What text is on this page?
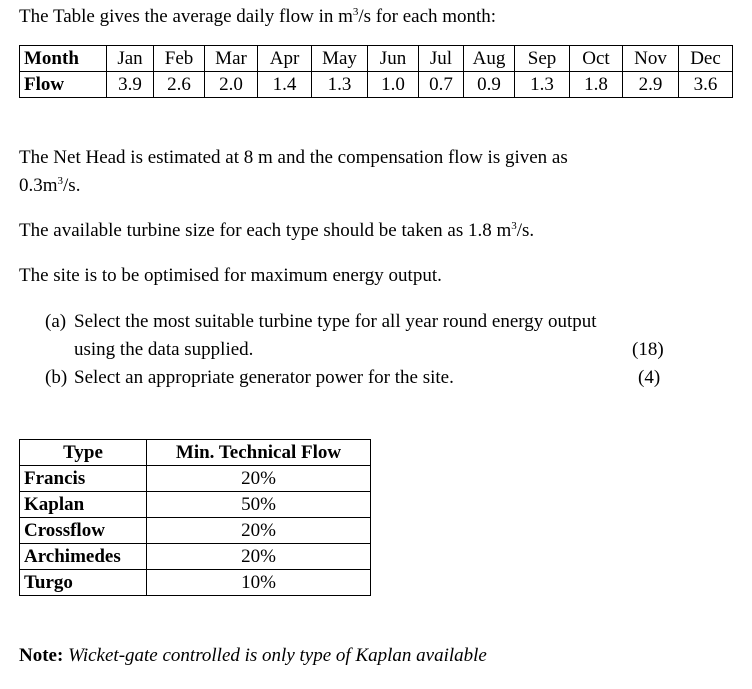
The Table gives the average daily flow in $m^3/s$ for each month:
Month	Jan	Feb	Mar	Apr	May	Jun	Jul	Aug	Sep	Oct	Nov	Dec
Flow	3.9	2.6	2.0	1.4	1.3	1.0	0.7	0.9	1.3	1.8	2.9	3.6
The Net Head is estimated at 8 m and the compensation flow is given as
$0.3m^3/s$.
The available turbine size for each type should be taken as 1.8 $m^3/s$.
The site is to be optimised for maximum energy output.
(a) Select the most suitable turbine type for all year round energy output
using the data supplied.	(18)
(b) Select an appropriate generator power for the site.	(4)
Type	Min. Technical Flow
Francis	20%
Kaplan	50%
Crossflow	20%
Archimedes	20%
Turgo	10%
Note: Wicket-gate controlled is only type of Kaplan available
